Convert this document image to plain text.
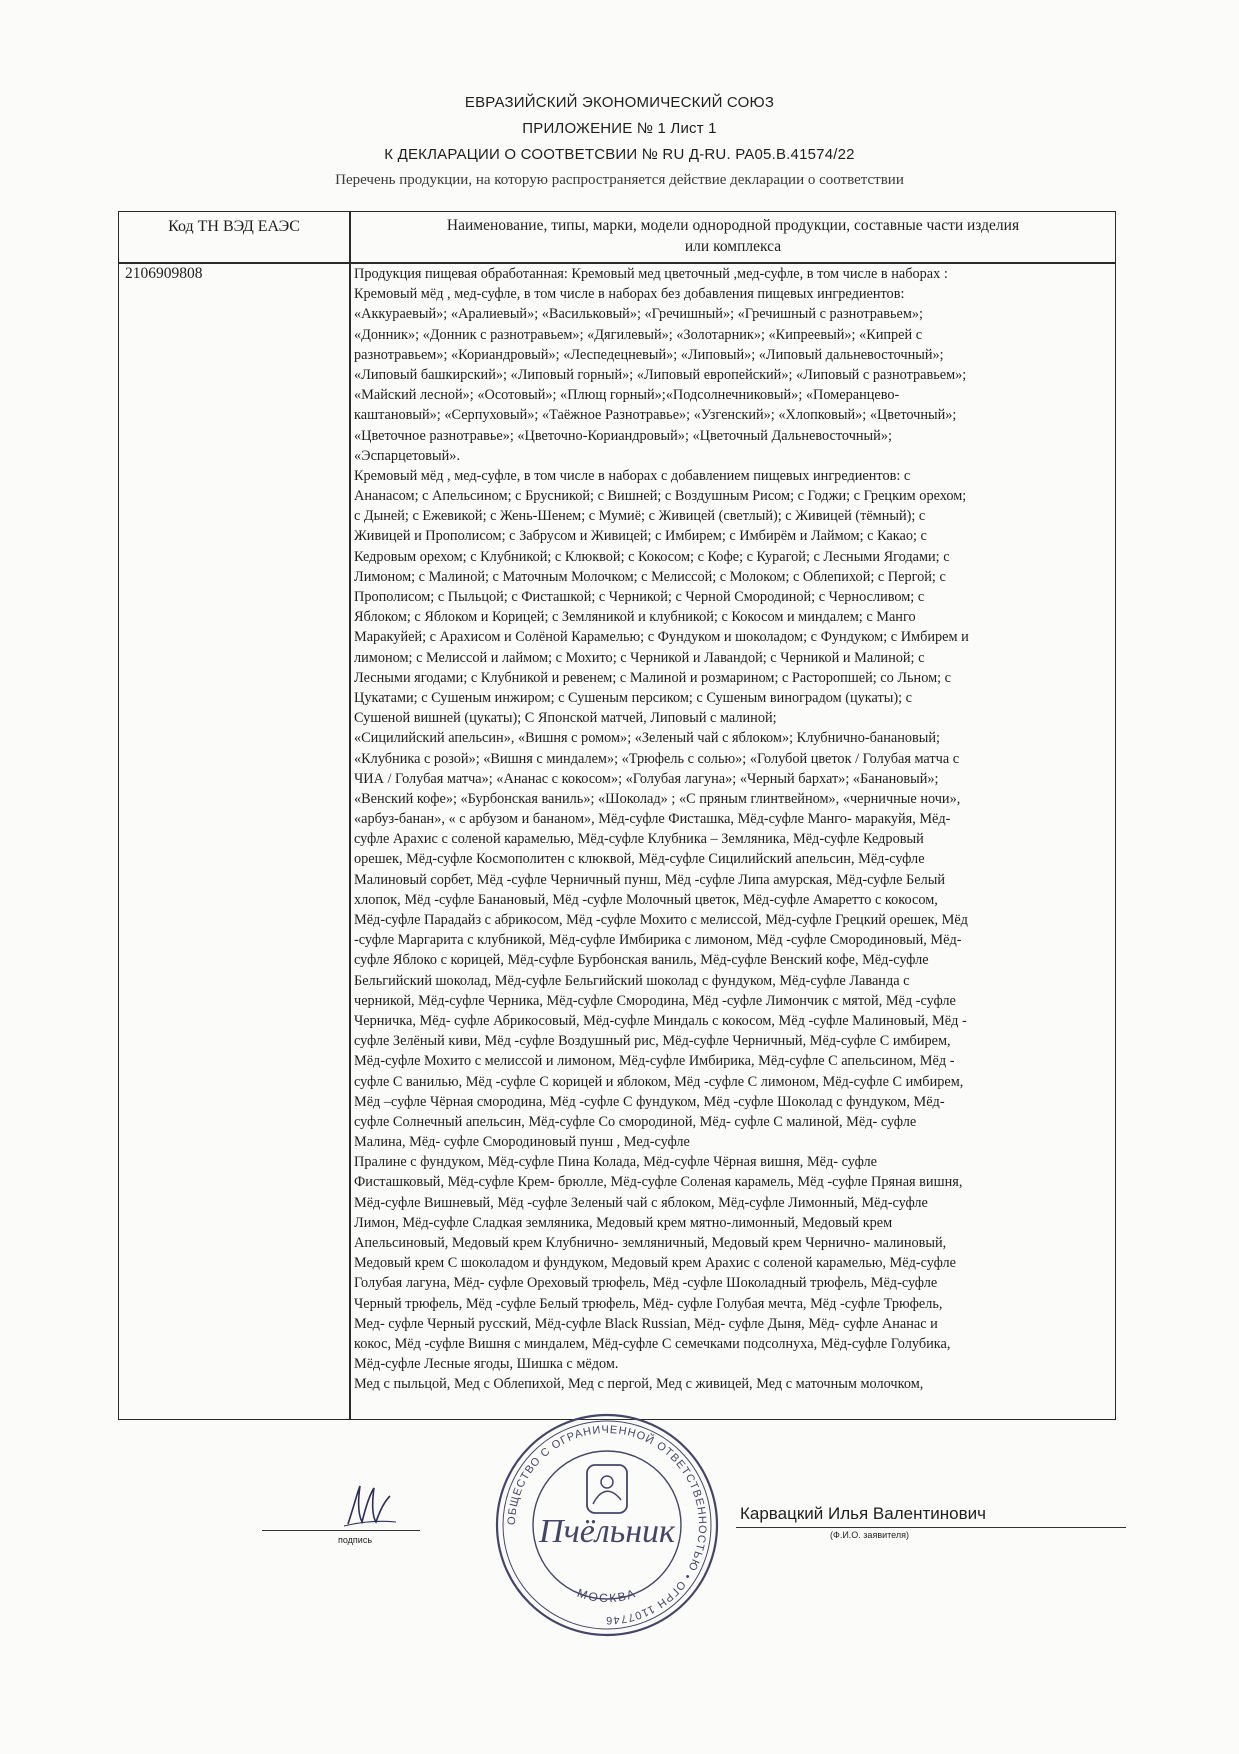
ЕВРАЗИЙСКИЙ ЭКОНОМИЧЕСКИЙ СОЮЗ
ПРИЛОЖЕНИЕ № 1 Лист 1
К ДЕКЛАРАЦИИ О СООТВЕТСВИИ № RU Д-RU. PA05.B.41574/22
Перечень продукции, на которую распространяется действие декларации о соответствии
Код ТН ВЭД ЕАЭС	Наименование, типы, марки, модели однородной продукции, составные части изделия
или комплекса
2106909808	Продукция пищевая обработанная: Кремовый мед цветочный ,мед-суфле, в том числе в наборах :
Кремовый мёд , мед-суфле, в том числе в наборах без добавления пищевых ингредиентов:
«Аккураевый»; «Аралиевый»; «Васильковый»; «Гречишный»; «Гречишный с разнотравьем»;
«Донник»; «Донник с разнотравьем»; «Дягилевый»; «Золотарник»; «Кипреевый»; «Кипрей с
разнотравьем»; «Кориандровый»; «Леспедецневый»; «Липовый»; «Липовый дальневосточный»;
«Липовый башкирский»; «Липовый горный»; «Липовый европейский»; «Липовый с разнотравьем»;
«Майский лесной»; «Осотовый»; «Плющ горный»;«Подсолнечниковый»; «Померанцево-
каштановый»; «Серпуховый»; «Таёжное Разнотравье»; «Узгенский»; «Хлопковый»; «Цветочный»;
«Цветочное разнотравье»; «Цветочно-Кориандровый»; «Цветочный Дальневосточный»;
«Эспарцетовый».
Кремовый мёд , мед-суфле, в том числе в наборах с добавлением пищевых ингредиентов: с
Ананасом; с Апельсином; с Брусникой; с Вишней; с Воздушным Рисом; с Годжи; с Грецким орехом;
с Дыней; с Ежевикой; с Жень-Шенем; с Мумиё; с Живицей (светлый); с Живицей (тёмный); с
Живицей и Прополисом; с Забрусом и Живицей; с Имбирем; с Имбирём и Лаймом; с Какао; с
Кедровым орехом; с Клубникой; с Клюквой; с Кокосом; с Кофе; с Курагой; с Лесными Ягодами; с
Лимоном; с Малиной; с Маточным Молочком; с Мелиссой; с Молоком; с Облепихой; с Пергой; с
Прополисом; с Пыльцой; с Фисташкой; с Черникой; с Черной Смородиной; с Черносливом; с
Яблоком; с Яблоком и Корицей; с Земляникой и клубникой; с Кокосом и миндалем; с Манго
Маракуйей; с Арахисом и Солёной Карамелью; с Фундуком и шоколадом; с Фундуком; с Имбирем и
лимоном; с Мелиссой и лаймом; с Мохито; с Черникой и Лавандой; с Черникой и Малиной; с
Лесными ягодами; с Клубникой и ревенем; с Малиной и розмарином; с Расторопшей; со Льном; с
Цукатами; с Сушеным инжиром; с Сушеным персиком; с Сушеным виноградом (цукаты); с
Сушеной вишней (цукаты); С Японской матчей, Липовый с малиной;
«Сицилийский апельсин», «Вишня с ромом»; «Зеленый чай с яблоком»; Клубнично-банановый;
«Клубника с розой»; «Вишня с миндалем»; «Трюфель с солью»; «Голубой цветок / Голубая матча с
ЧИА / Голубая матча»; «Ананас с кокосом»; «Голубая лагуна»; «Черный бархат»; «Банановый»;
«Венский кофе»; «Бурбонская ваниль»; «Шоколад» ; «С пряным глинтвейном», «черничные ночи»,
«арбуз-банан», « с арбузом и бананом», Мёд-суфле Фисташка, Мёд-суфле Манго- маракуйя, Мёд-
суфле Арахис с соленой карамелью, Мёд-суфле Клубника – Земляника, Мёд-суфле Кедровый
орешек, Мёд-суфле Космополитен с клюквой, Мёд-суфле Сицилийский апельсин, Мёд-суфле
Малиновый сорбет, Мёд -суфле Черничный пунш, Мёд -суфле Липа амурская, Мёд-суфле Белый
хлопок, Мёд -суфле Банановый, Мёд -суфле Молочный цветок, Мёд-суфле Амаретто с кокосом,
Мёд-суфле Парадайз с абрикосом, Мёд -суфле Мохито с мелиссой, Мёд-суфле Грецкий орешек, Мёд
-суфле Маргарита с клубникой, Мёд-суфле Имбирика с лимоном, Мёд -суфле Смородиновый, Мёд-
суфле Яблоко с корицей, Мёд-суфле Бурбонская ваниль, Мёд-суфле Венский кофе, Мёд-суфле
Бельгийский шоколад, Мёд-суфле Бельгийский шоколад с фундуком, Мёд-суфле Лаванда с
черникой, Мёд-суфле Черника, Мёд-суфле Смородина, Мёд -суфле Лимончик с мятой, Мёд -суфле
Черничка, Мёд- суфле Абрикосовый, Мёд-суфле Миндаль с кокосом, Мёд -суфле Малиновый, Мёд -
суфле Зелёный киви, Мёд -суфле Воздушный рис, Мёд-суфле Черничный, Мёд-суфле С имбирем,
Мёд-суфле Мохито с мелиссой и лимоном, Мёд-суфле Имбирика, Мёд-суфле С апельсином, Мёд -
суфле С ванилью, Мёд -суфле С корицей и яблоком, Мёд -суфле С лимоном, Мёд-суфле С имбирем,
Мёд –суфле Чёрная смородина, Мёд -суфле С фундуком, Мёд -суфле Шоколад с фундуком, Мёд-
суфле Солнечный апельсин, Мёд-суфле Со смородиной, Мёд- суфле С малиной, Мёд- суфле
Малина, Мёд- суфле Смородиновый пунш , Мед-суфле
Пралине с фундуком, Мёд-суфле Пина Колада, Мёд-суфле Чёрная вишня, Мёд- суфле
Фисташковый, Мёд-суфле Крем- брюлле, Мёд-суфле Соленая карамель, Мёд -суфле Пряная вишня,
Мёд-суфле Вишневый, Мёд -суфле Зеленый чай с яблоком, Мёд-суфле Лимонный, Мёд-суфле
Лимон, Мёд-суфле Сладкая земляника, Медовый крем мятно-лимонный, Медовый крем
Апельсиновый, Медовый крем Клубнично- земляничный, Медовый крем Чернично- малиновый,
Медовый крем С шоколадом и фундуком, Медовый крем Арахис с соленой карамелью, Мёд-суфле
Голубая лагуна, Мёд- суфле Ореховый трюфель, Мёд -суфле Шоколадный трюфель, Мёд-суфле
Черный трюфель, Мёд -суфле Белый трюфель, Мёд- суфле Голубая мечта, Мёд -суфле Трюфель,
Мед- суфле Черный русский, Мёд-суфле Black Russian, Мёд- суфле Дыня, Мёд- суфле Ананас и
кокос, Мёд -суфле Вишня с миндалем, Мёд-суфле С семечками подсолнуха, Мёд-суфле Голубика,
Мёд-суфле Лесные ягоды, Шишка с мёдом.
Мед с пыльцой, Мед с Облепихой, Мед с пергой, Мед с живицей, Мед с маточным молочком,
подпись
ОБЩЕСТВО С ОГРАНИЧЕННОЙ ОТВЕТСТВЕННОСТЬЮ • ОГРН 1107746
Пчёльник
МОСКВА
Карвацкий Илья Валентинович
(Ф.И.О. заявителя)
